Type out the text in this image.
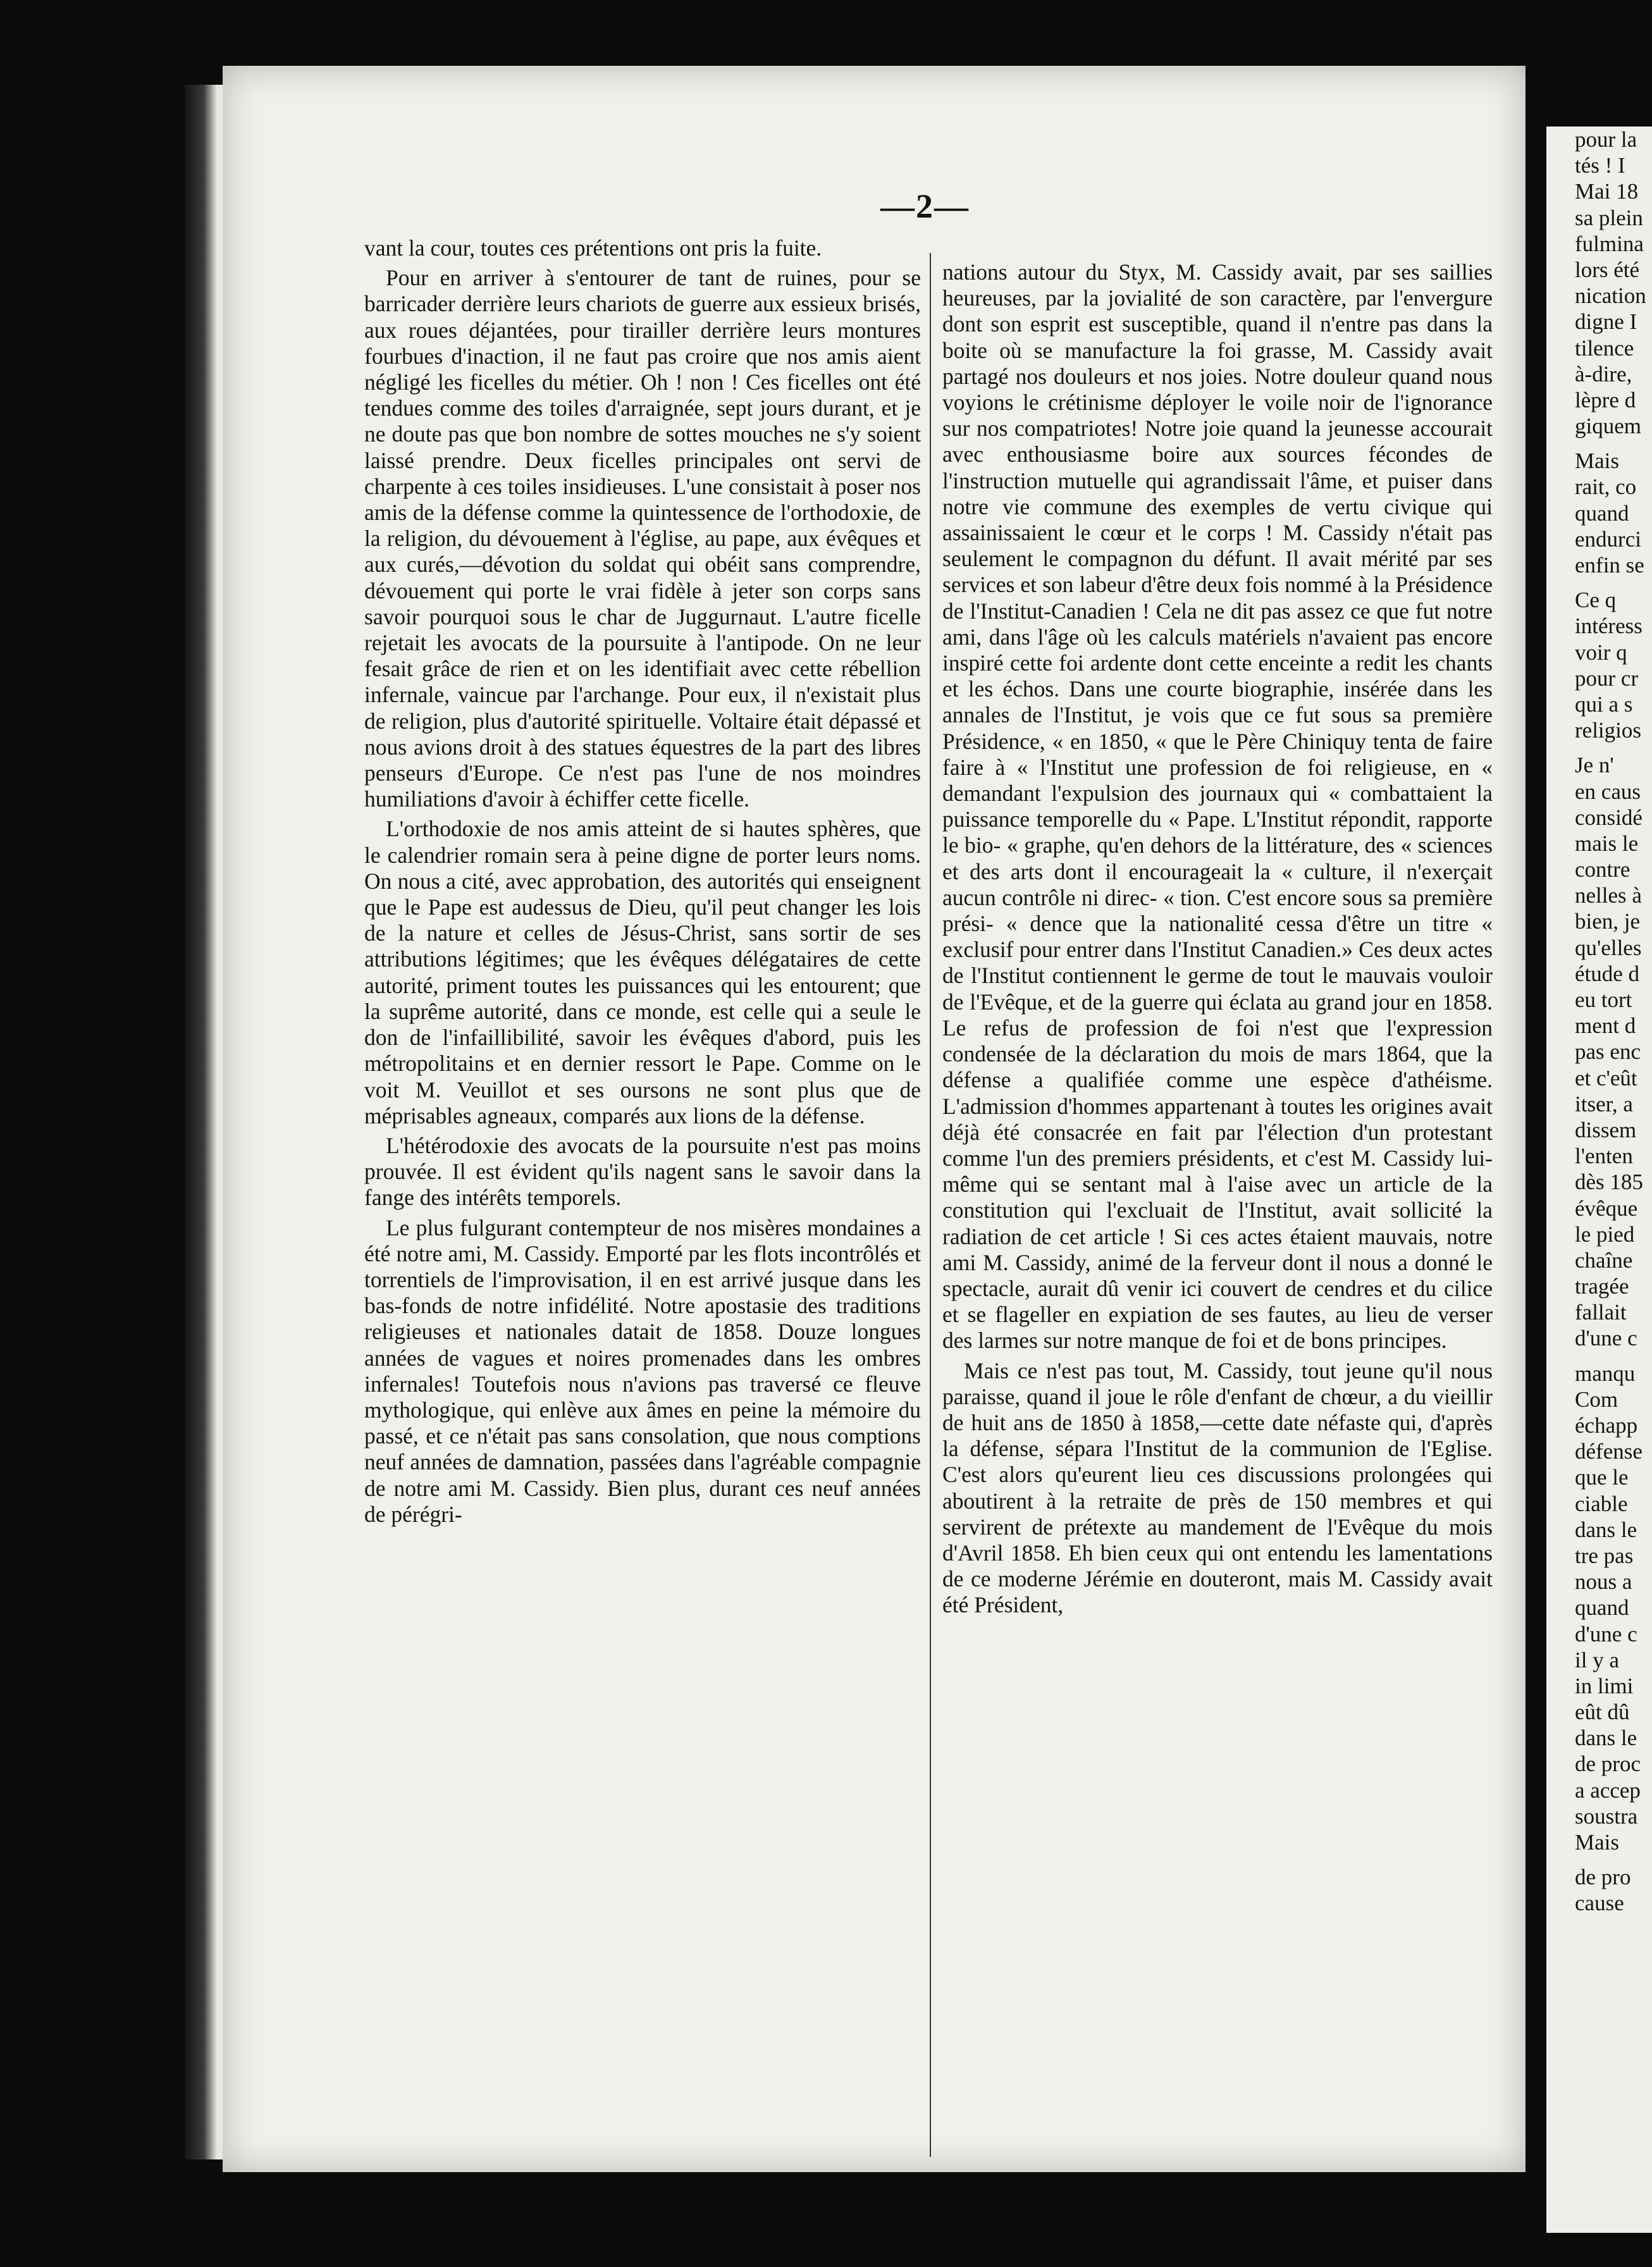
—2—

vant la cour, toutes ces prétentions ont pris la fuite.

Pour en arriver à s'entourer de tant de ruines, pour se barricader derrière leurs chariots de guerre aux essieux brisés, aux roues déjantées, pour tirailler derrière leurs montures fourbues d'inaction, il ne faut pas croire que nos amis aient négligé les ficelles du métier. Oh ! non ! Ces ficelles ont été tendues comme des toiles d'arraignée, sept jours durant, et je ne doute pas que bon nombre de sottes mouches ne s'y soient laissé prendre. Deux ficelles principales ont servi de charpente à ces toiles insidieuses. L'une consistait à poser nos amis de la défense comme la quintessence de l'orthodoxie, de la religion, du dévouement à l'église, au pape, aux évêques et aux curés,—dévotion du soldat qui obéit sans comprendre, dévouement qui porte le vrai fidèle à jeter son corps sans savoir pourquoi sous le char de Juggurnaut. L'autre ficelle rejetait les avocats de la poursuite à l'antipode. On ne leur fesait grâce de rien et on les identifiait avec cette rébellion infernale, vaincue par l'archange. Pour eux, il n'existait plus de religion, plus d'autorité spirituelle. Voltaire était dépassé et nous avions droit à des statues équestres de la part des libres penseurs d'Europe. Ce n'est pas l'une de nos moindres humiliations d'avoir à échiffer cette ficelle.

L'orthodoxie de nos amis atteint de si hautes sphères, que le calendrier romain sera à peine digne de porter leurs noms. On nous a cité, avec approbation, des autorités qui enseignent que le Pape est audessus de Dieu, qu'il peut changer les lois de la nature et celles de Jésus-Christ, sans sortir de ses attributions légitimes; que les évêques délégataires de cette autorité, priment toutes les puissances qui les entourent; que la suprême autorité, dans ce monde, est celle qui a seule le don de l'infaillibilité, savoir les évêques d'abord, puis les métropolitains et en dernier ressort le Pape. Comme on le voit M. Veuillot et ses oursons ne sont plus que de méprisables agneaux, comparés aux lions de la défense.

L'hétérodoxie des avocats de la poursuite n'est pas moins prouvée. Il est évident qu'ils nagent sans le savoir dans la fange des intérêts temporels.

Le plus fulgurant contempteur de nos misères mondaines a été notre ami, M. Cassidy. Emporté par les flots incontrôlés et torrentiels de l'improvisation, il en est arrivé jusque dans les bas-fonds de notre infidélité. Notre apostasie des traditions religieuses et nationales datait de 1858. Douze longues années de vagues et noires promenades dans les ombres infernales! Toutefois nous n'avions pas traversé ce fleuve mythologique, qui enlève aux âmes en peine la mémoire du passé, et ce n'était pas sans consolation, que nous comptions neuf années de damnation, passées dans l'agréable compagnie de notre ami M. Cassidy. Bien plus, durant ces neuf années de pérégri-

nations autour du Styx, M. Cassidy avait, par ses saillies heureuses, par la jovialité de son caractère, par l'envergure dont son esprit est susceptible, quand il n'entre pas dans la boite où se manufacture la foi grasse, M. Cassidy avait partagé nos douleurs et nos joies. Notre douleur quand nous voyions le crétinisme déployer le voile noir de l'ignorance sur nos compatriotes! Notre joie quand la jeunesse accourait avec enthousiasme boire aux sources fécondes de l'instruction mutuelle qui agrandissait l'âme, et puiser dans notre vie commune des exemples de vertu civique qui assainissaient le cœur et le corps ! M. Cassidy n'était pas seulement le compagnon du défunt. Il avait mérité par ses services et son labeur d'être deux fois nommé à la Présidence de l'Institut-Canadien ! Cela ne dit pas assez ce que fut notre ami, dans l'âge où les calculs matériels n'avaient pas encore inspiré cette foi ardente dont cette enceinte a redit les chants et les échos. Dans une courte biographie, insérée dans les annales de l'Institut, je vois que ce fut sous sa première Présidence, « en 1850, « que le Père Chiniquy tenta de faire faire à « l'Institut une profession de foi religieuse, en « demandant l'expulsion des journaux qui « combattaient la puissance temporelle du « Pape. L'Institut répondit, rapporte le bio- « graphe, qu'en dehors de la littérature, des « sciences et des arts dont il encourageait la « culture, il n'exerçait aucun contrôle ni direc- « tion. C'est encore sous sa première prési- « dence que la nationalité cessa d'être un titre « exclusif pour entrer dans l'Institut Canadien.» Ces deux actes de l'Institut contiennent le germe de tout le mauvais vouloir de l'Evêque, et de la guerre qui éclata au grand jour en 1858. Le refus de profession de foi n'est que l'expression condensée de la déclaration du mois de mars 1864, que la défense a qualifiée comme une espèce d'athéisme. L'admission d'hommes appartenant à toutes les origines avait déjà été consacrée en fait par l'élection d'un protestant comme l'un des premiers présidents, et c'est M. Cassidy lui-même qui se sentant mal à l'aise avec un article de la constitution qui l'excluait de l'Institut, avait sollicité la radiation de cet article ! Si ces actes étaient mauvais, notre ami M. Cassidy, animé de la ferveur dont il nous a donné le spectacle, aurait dû venir ici couvert de cendres et du cilice et se flageller en expiation de ses fautes, au lieu de verser des larmes sur notre manque de foi et de bons principes.

Mais ce n'est pas tout, M. Cassidy, tout jeune qu'il nous paraisse, quand il joue le rôle d'enfant de chœur, a du vieillir de huit ans de 1850 à 1858,—cette date néfaste qui, d'après la défense, sépara l'Institut de la communion de l'Eglise. C'est alors qu'eurent lieu ces discussions prolongées qui aboutirent à la retraite de près de 150 membres et qui servirent de prétexte au mandement de l'Evêque du mois d'Avril 1858. Eh bien ceux qui ont entendu les lamentations de ce moderne Jérémie en douteront, mais M. Cassidy avait été Président,

pour la
tés ! I
Mai 18
sa plein
fulmina
lors été
nication
digne I
tilence
à-dire,
lèpre d
giquem
Mais
rait, co
quand
endurci
enfin se
Ce q
intéress
voir q
pour cr
qui a s
religios
Je n'
en caus
considé
mais le
contre
nelles à
bien, je
qu'elles
étude d
eu tort
ment d
pas enc
et c'eût
itser, a
dissem
l'enten
dès 185
évêque
le pied
chaîne
tragée
fallait
d'une c
manqu
Com
échapp
défense
que le
ciable
dans le
tre pas
nous a
quand
d'une c
il y a
in limi
eût dû
dans le
de proc
a accep
soustra
Mais
de pro
cause
